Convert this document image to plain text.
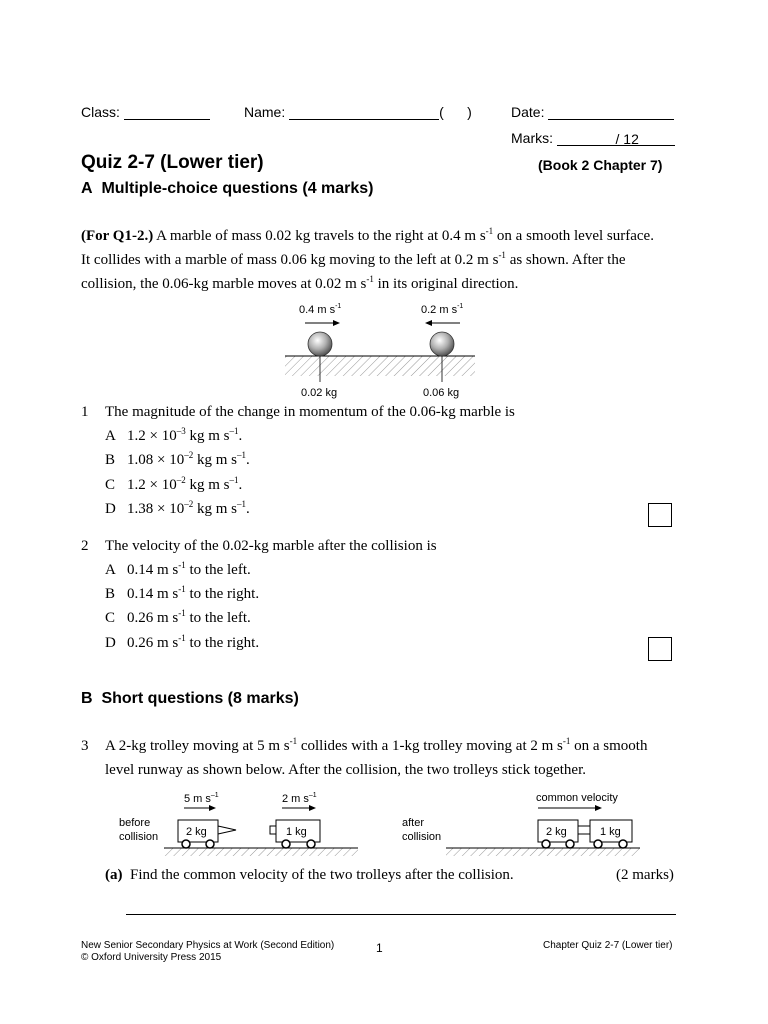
Class:	Name:	(      )	Date:
Marks:	/ 12
Quiz 2-7 (Lower tier)	(Book 2 Chapter 7)
A Multiple-choice questions (4 marks)
(For Q1-2.) A marble of mass 0.02 kg travels to the right at 0.4 m $s^{-1}$ on a smooth level surface.
It collides with a marble of mass 0.06 kg moving to the left at 0.2 m $s^{-1}$ as shown. After the
collision, the 0.06-kg marble moves at 0.02 m $s^{-1}$ in its original direction.
0.4 m $s^{-1}$	0.2 m $s^{-1}$
0.02 kg	0.06 kg
1 The magnitude of the change in momentum of the 0.06-kg marble is
A $1.2 \times 10^{-3}$ kg m $s^{-1}$.
B $1.08 \times 10^{-2}$ kg m $s^{-1}$.
C $1.2 \times 10^{-2}$ kg m $s^{-1}$.
D $1.38 \times 10^{-2}$ kg m $s^{-1}$.
2 The velocity of the 0.02-kg marble after the collision is
A 0.14 m $s^{-1}$ to the left.
B 0.14 m $s^{-1}$ to the right.
C 0.26 m $s^{-1}$ to the left.
D 0.26 m $s^{-1}$ to the right.
B Short questions (8 marks)
3 A 2-kg trolley moving at 5 m $s^{-1}$ collides with a 1-kg trolley moving at 2 m $s^{-1}$ on a smooth
level runway as shown below. After the collision, the two trolleys stick together.
5 m $s^{-1}$	2 m $s^{-1}$
before
collision	2 kg	1 kg
after
collision
common velocity
2 kg	1 kg
(a) Find the common velocity of the two trolleys after the collision.	(2 marks)
New Senior Secondary Physics at Work (Second Edition)
© Oxford University Press 2015
1	Chapter Quiz 2-7 (Lower tier)
